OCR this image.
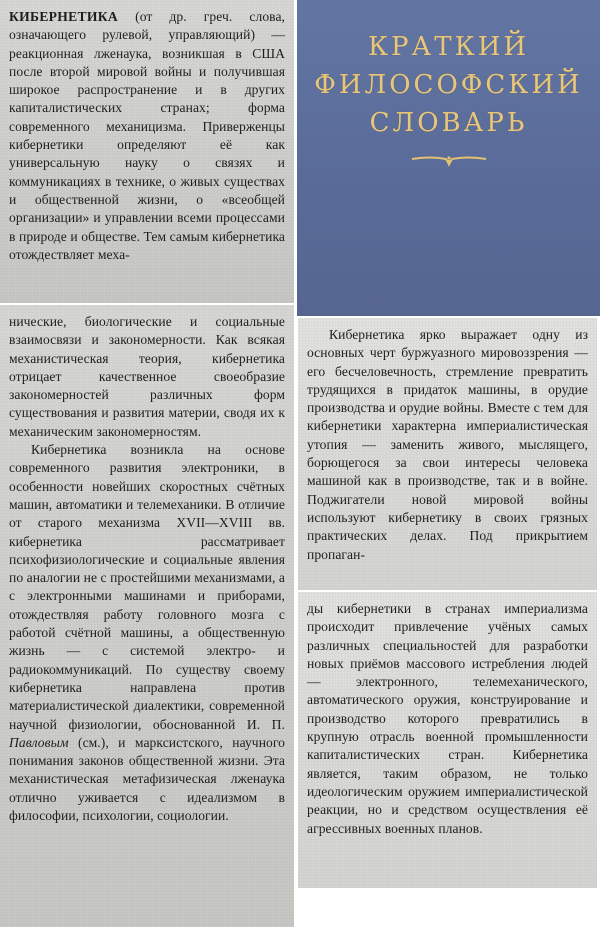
КИБЕРНЕТИКА (от др. греч. слова, означающего рулевой, управляющий) — реакционная лженаука, возникшая в США после второй мировой войны и получившая широкое распространение и в других капиталистических странах; форма современного механицизма. Приверженцы кибернетики определяют её как универсальную науку о связях и коммуникациях в технике, о живых существах и общественной жизни, о «всеобщей организации» и управлении всеми процессами в природе и обществе. Тем самым кибернетика отождествляет меха-
КРАТКИЙ
ФИЛОСОФСКИЙ
СЛОВАРЬ
нические, биологические и социальные взаимосвязи и закономерности. Как всякая механистическая теория, кибернетика отрицает качественное своеобразие закономерностей различных форм существования и развития материи, сводя их к механическим закономерностям.
Кибернетика возникла на основе современного развития электроники, в особенности новейших скоростных счётных машин, автоматики и телемеханики. В отличие от старого механизма XVII—XVIII вв. кибернетика рассматривает психофизиологические и социальные явления по аналогии не с простейшими механизмами, а с электронными машинами и приборами, отождествляя работу головного мозга с работой счётной машины, а общественную жизнь — с системой электро- и радиокоммуникаций. По существу своему кибернетика направлена против материалистической диалектики, современной научной физиологии, обоснованной И. П. Павловым (см.), и марксистского, научного понимания законов общественной жизни. Эта механистическая метафизическая лженаука отлично уживается с идеализмом в философии, психологии, социологии.
Кибернетика ярко выражает одну из основных черт буржуазного мировоззрения — его бесчеловечность, стремление превратить трудящихся в придаток машины, в орудие производства и орудие войны. Вместе с тем для кибернетики характерна империалистическая утопия — заменить живого, мыслящего, борющегося за свои интересы человека машиной как в производстве, так и в войне. Поджигатели новой мировой войны используют кибернетику в своих грязных практических делах. Под прикрытием пропаган-
ды кибернетики в странах империализма происходит привлечение учёных самых различных специальностей для разработки новых приёмов массового истребления людей — электронного, телемеханического, автоматического оружия, конструирование и производство которого превратились в крупную отрасль военной промышленности капиталистических стран. Кибернетика является, таким образом, не только идеологическим оружием империалистической реакции, но и средством осуществления её агрессивных военных планов.
